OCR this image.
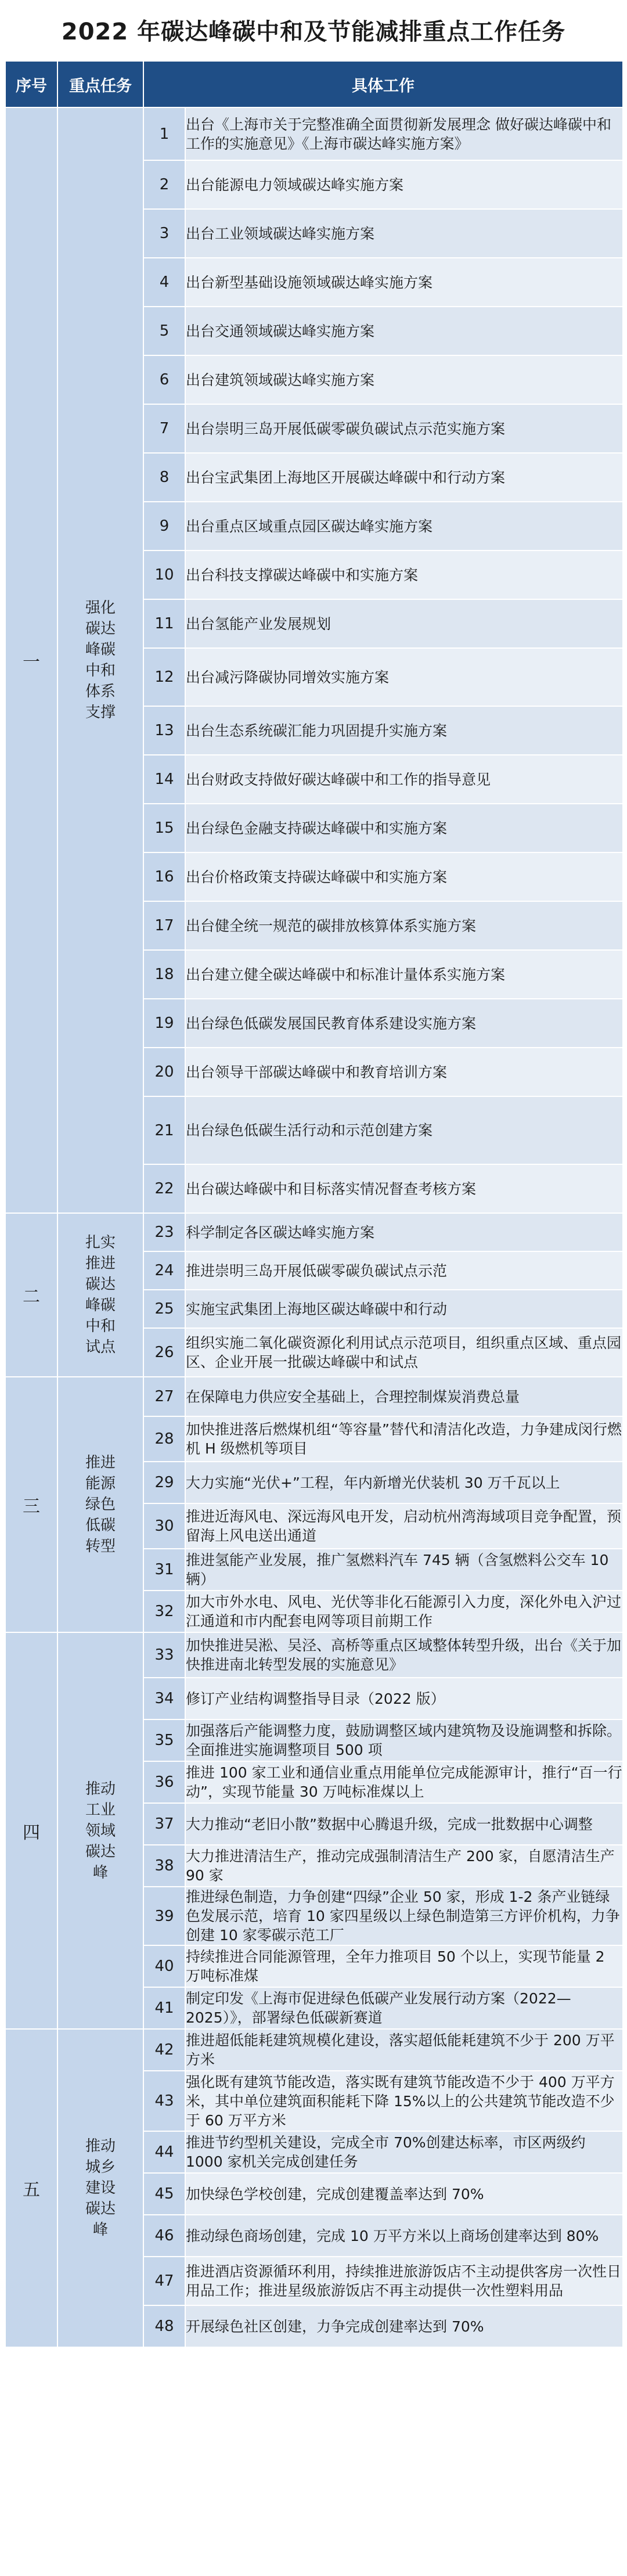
2022 年碳达峰碳中和及节能减排重点工作任务
序号	重点任务	具体工作	
一	强化碳达峰碳中和体系支撑	1	出台《上海市关于完整准确全面贯彻新发展理念 做好碳达峰碳中和工作的实施意见》《上海市碳达峰实施方案》
		2	出台能源电力领域碳达峰实施方案
		3	出台工业领域碳达峰实施方案
		4	出台新型基础设施领域碳达峰实施方案
		5	出台交通领域碳达峰实施方案
		6	出台建筑领域碳达峰实施方案
		7	出台崇明三岛开展低碳零碳负碳试点示范实施方案
		8	出台宝武集团上海地区开展碳达峰碳中和行动方案
		9	出台重点区域重点园区碳达峰实施方案
		10	出台科技支撑碳达峰碳中和实施方案
		11	出台氢能产业发展规划
		12	出台减污降碳协同增效实施方案
		13	出台生态系统碳汇能力巩固提升实施方案
		14	出台财政支持做好碳达峰碳中和工作的指导意见
		15	出台绿色金融支持碳达峰碳中和实施方案
		16	出台价格政策支持碳达峰碳中和实施方案
		17	出台健全统一规范的碳排放核算体系实施方案
		18	出台建立健全碳达峰碳中和标准计量体系实施方案
		19	出台绿色低碳发展国民教育体系建设实施方案
		20	出台领导干部碳达峰碳中和教育培训方案
		21	出台绿色低碳生活行动和示范创建方案
		22	出台碳达峰碳中和目标落实情况督查考核方案
二	扎实推进碳达峰碳中和试点	23	科学制定各区碳达峰实施方案
		24	推进崇明三岛开展低碳零碳负碳试点示范
		25	实施宝武集团上海地区碳达峰碳中和行动
		26	组织实施二氧化碳资源化利用试点示范项目，组织重点区域、重点园区、企业开展一批碳达峰碳中和试点
三	推进能源绿色低碳转型	27	在保障电力供应安全基础上，合理控制煤炭消费总量
		28	加快推进落后燃煤机组“等容量”替代和清洁化改造，力争建成闵行燃机 H 级燃机等项目
		29	大力实施“光伏+”工程，年内新增光伏装机 30 万千瓦以上
		30	推进近海风电、深远海风电开发，启动杭州湾海域项目竞争配置，预留海上风电送出通道
		31	推进氢能产业发展，推广氢燃料汽车 745 辆（含氢燃料公交车 10 辆）
		32	加大市外水电、风电、光伏等非化石能源引入力度，深化外电入沪过江通道和市内配套电网等项目前期工作
四	推动工业领域碳达峰	33	加快推进吴淞、吴泾、高桥等重点区域整体转型升级，出台《关于加快推进南北转型发展的实施意见》
		34	修订产业结构调整指导目录（2022 版）
		35	加强落后产能调整力度，鼓励调整区域内建筑物及设施调整和拆除。全面推进实施调整项目 500 项
		36	推进 100 家工业和通信业重点用能单位完成能源审计，推行“百一行动”，实现节能量 30 万吨标准煤以上
		37	大力推动“老旧小散”数据中心腾退升级，完成一批数据中心调整
		38	大力推进清洁生产，推动完成强制清洁生产 200 家，自愿清洁生产 90 家
		39	推进绿色制造，力争创建“四绿”企业 50 家，形成 1-2 条产业链绿色发展示范，培育 10 家四星级以上绿色制造第三方评价机构，力争创建 10 家零碳示范工厂
		40	持续推进合同能源管理，全年力推项目 50 个以上，实现节能量 2 万吨标准煤
		41	制定印发《上海市促进绿色低碳产业发展行动方案（2022—2025）》，部署绿色低碳新赛道
五	推动城乡建设碳达峰	42	推进超低能耗建筑规模化建设，落实超低能耗建筑不少于 200 万平方米
		43	强化既有建筑节能改造，落实既有建筑节能改造不少于 400 万平方米，其中单位建筑面积能耗下降 15%以上的公共建筑节能改造不少于 60 万平方米
		44	推进节约型机关建设，完成全市 70%创建达标率，市区两级约 1000 家机关完成创建任务
		45	加快绿色学校创建，完成创建覆盖率达到 70%
		46	推动绿色商场创建，完成 10 万平方米以上商场创建率达到 80%
		47	推进酒店资源循环利用，持续推进旅游饭店不主动提供客房一次性日用品工作；推进星级旅游饭店不再主动提供一次性塑料用品
		48	开展绿色社区创建，力争完成创建率达到 70%
